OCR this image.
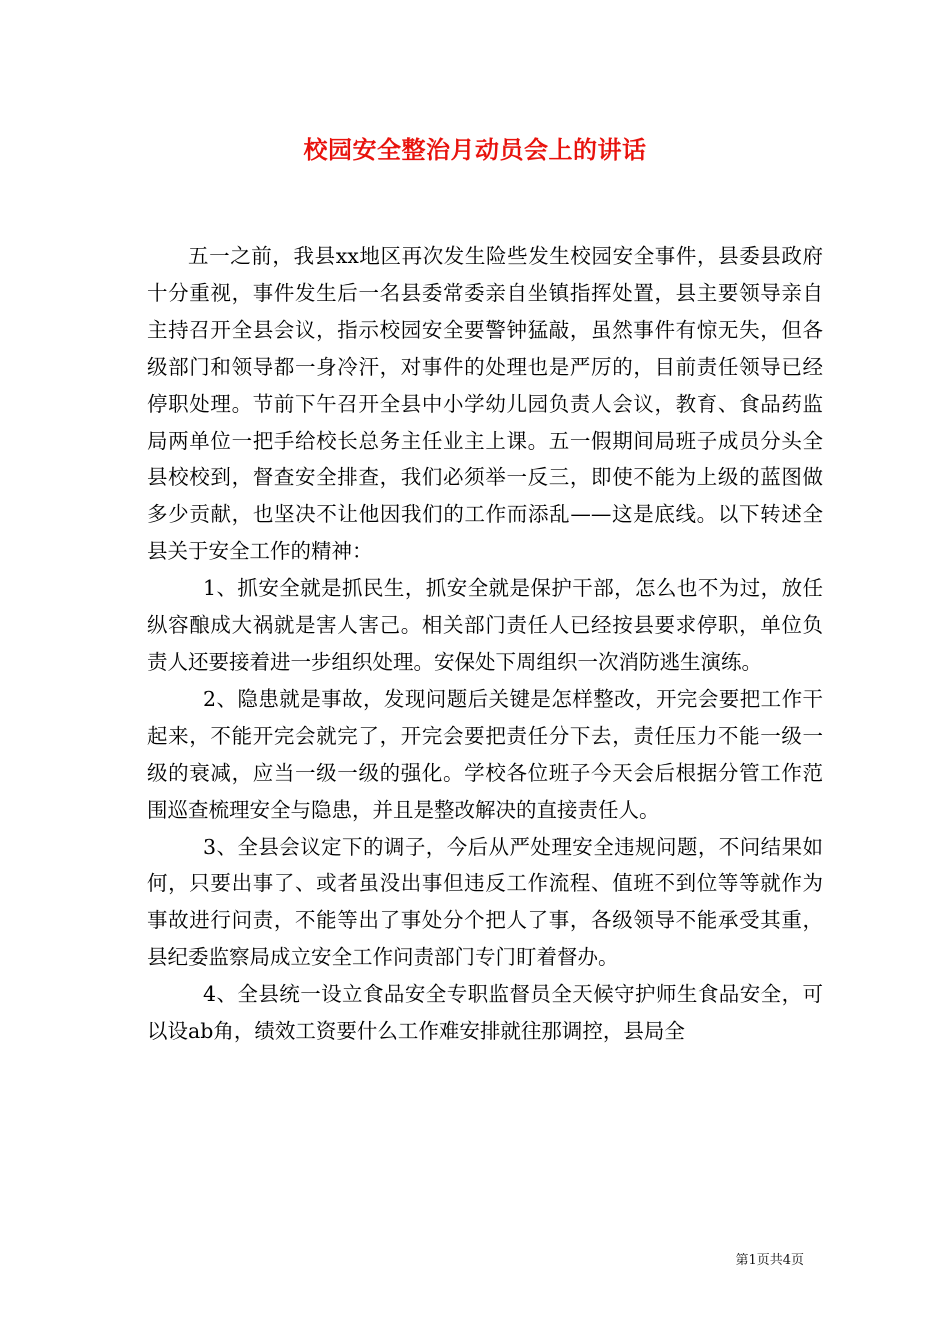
校园安全整治月动员会上的讲话

五一之前，我县xx地区再次发生险些发生校园安全事件，县委县政府十分重视，事件发生后一名县委常委亲自坐镇指挥处置，县主要领导亲自主持召开全县会议，指示校园安全要警钟猛敲，虽然事件有惊无失，但各级部门和领导都一身冷汗，对事件的处理也是严厉的，目前责任领导已经停职处理。节前下午召开全县中小学幼儿园负责人会议，教育、食品药监局两单位一把手给校长总务主任业主上课。五一假期间局班子成员分头全县校校到，督查安全排查，我们必须举一反三，即使不能为上级的蓝图做多少贡献，也坚决不让他因我们的工作而添乱——这是底线。以下转述全县关于安全工作的精神：

1、抓安全就是抓民生，抓安全就是保护干部，怎么也不为过，放任纵容酿成大祸就是害人害己。相关部门责任人已经按县要求停职，单位负责人还要接着进一步组织处理。安保处下周组织一次消防逃生演练。

2、隐患就是事故，发现问题后关键是怎样整改，开完会要把工作干起来，不能开完会就完了，开完会要把责任分下去，责任压力不能一级一级的衰减，应当一级一级的强化。学校各位班子今天会后根据分管工作范围巡查梳理安全与隐患，并且是整改解决的直接责任人。

3、全县会议定下的调子，今后从严处理安全违规问题，不问结果如何，只要出事了、或者虽没出事但违反工作流程、值班不到位等等就作为事故进行问责，不能等出了事处分个把人了事，各级领导不能承受其重，县纪委监察局成立安全工作问责部门专门盯着督办。

4、全县统一设立食品安全专职监督员全天候守护师生食品安全，可以设ab角，绩效工资要什么工作难安排就往那调控，县局全

第1页共4页
